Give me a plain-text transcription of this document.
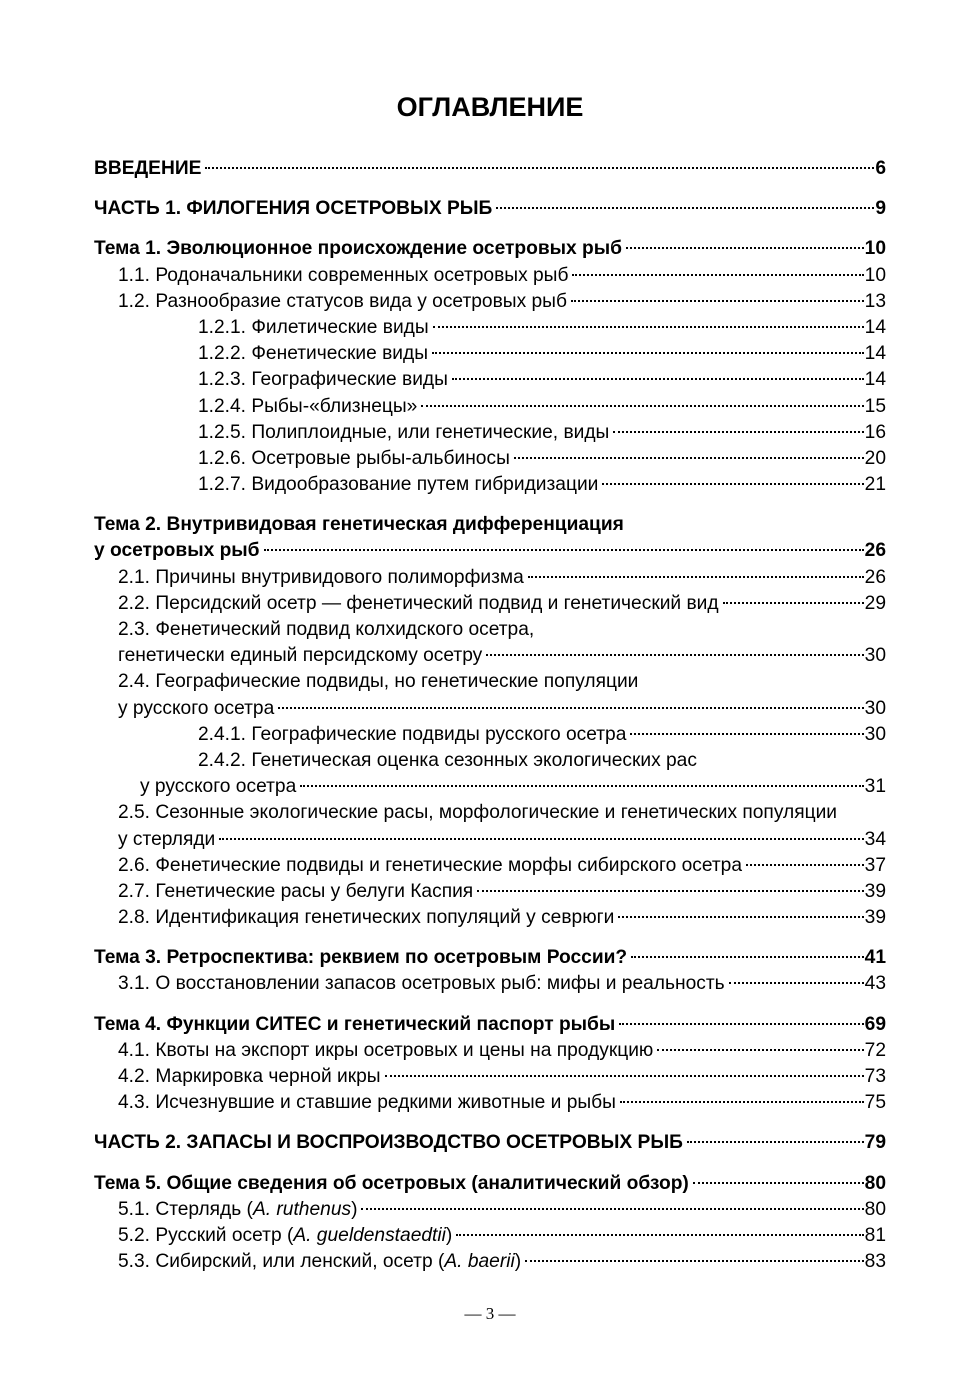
ОГЛАВЛЕНИЕ
ВВЕДЕНИЕ	6
ЧАСТЬ 1. ФИЛОГЕНИЯ ОСЕТРОВЫХ РЫБ	9
Тема 1. Эволюционное происхождение осетровых рыб	10
1.1. Родоначальники современных осетровых рыб	10
1.2. Разнообразие статусов вида у осетровых рыб	13
1.2.1. Филетические виды	14
1.2.2. Фенетические виды	14
1.2.3. Географические виды	14
1.2.4. Рыбы-«близнецы»	15
1.2.5. Полиплоидные, или генетические, виды	16
1.2.6. Осетровые рыбы-альбиносы	20
1.2.7. Видообразование путем гибридизации	21
Тема 2. Внутривидовая генетическая дифференциация
у осетровых рыб	26
2.1. Причины внутривидового полиморфизма	26
2.2. Персидский осетр — фенетический подвид и генетический вид	29
2.3. Фенетический подвид колхидского осетра,
генетически единый персидскому осетру	30
2.4. Географические подвиды, но генетические популяции
у русского осетра	30
2.4.1. Географические подвиды русского осетра	30
2.4.2. Генетическая оценка сезонных экологических рас
у русского осетра	31
2.5. Сезонные экологические расы, морфологические и генетических популяции
у стерляди	34
2.6. Фенетические подвиды и генетические морфы сибирского осетра	37
2.7. Генетические расы у белуги Каспия	39
2.8. Идентификация генетических популяций у севрюги	39
Тема 3. Ретроспектива: реквием по осетровым России?	41
3.1. О восстановлении запасов осетровых рыб: мифы и реальность	43
Тема 4. Функции СИТЕС и генетический паспорт рыбы	69
4.1. Квоты на экспорт икры осетровых и цены на продукцию	72
4.2. Маркировка черной икры	73
4.3. Исчезнувшие и ставшие редкими животные и рыбы	75
ЧАСТЬ 2. ЗАПАСЫ И ВОСПРОИЗВОДСТВО ОСЕТРОВЫХ РЫБ	79
Тема 5. Общие сведения об осетровых (аналитический обзор)	80
5.1. Стерлядь (A. ruthenus)	80
5.2. Русский осетр (A. gueldenstaedtii)	81
5.3. Сибирский, или ленский, осетр (A. baerii)	83
— 3 —
